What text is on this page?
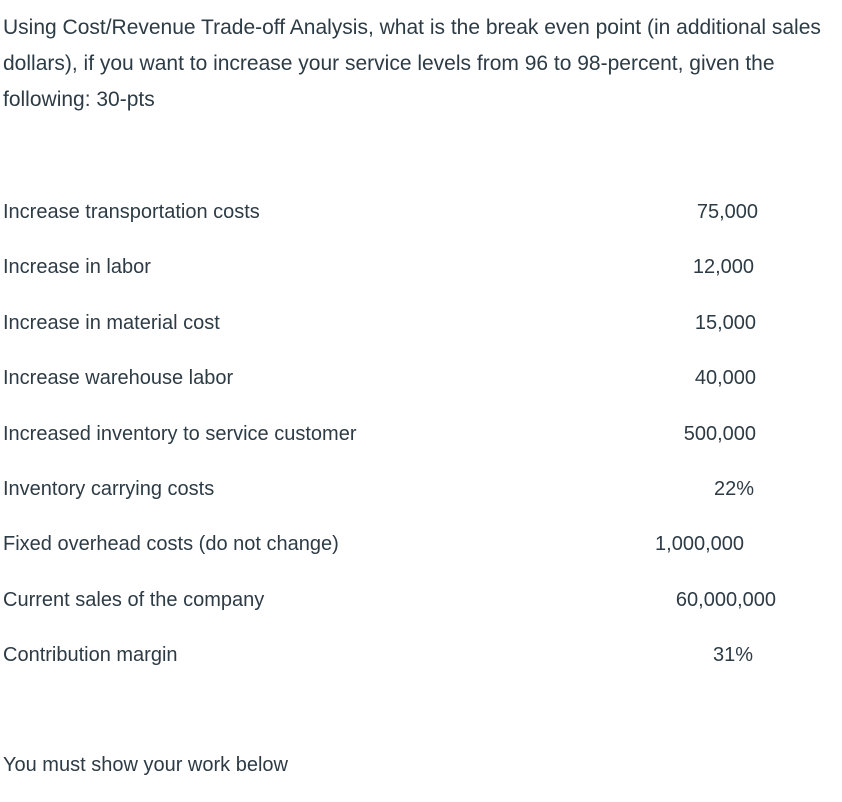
Using Cost/Revenue Trade-off Analysis, what is the break even point (in additional sales dollars), if you want to increase your service levels from 96 to 98-percent, given the following: 30-pts

Increase transportation costs	75,000
Increase in labor	12,000
Increase in material cost	15,000
Increase warehouse labor	40,000
Increased inventory to service customer	500,000
Inventory carrying costs	22%
Fixed overhead costs (do not change)	1,000,000
Current sales of the company	60,000,000
Contribution margin	31%
You must show your work below
